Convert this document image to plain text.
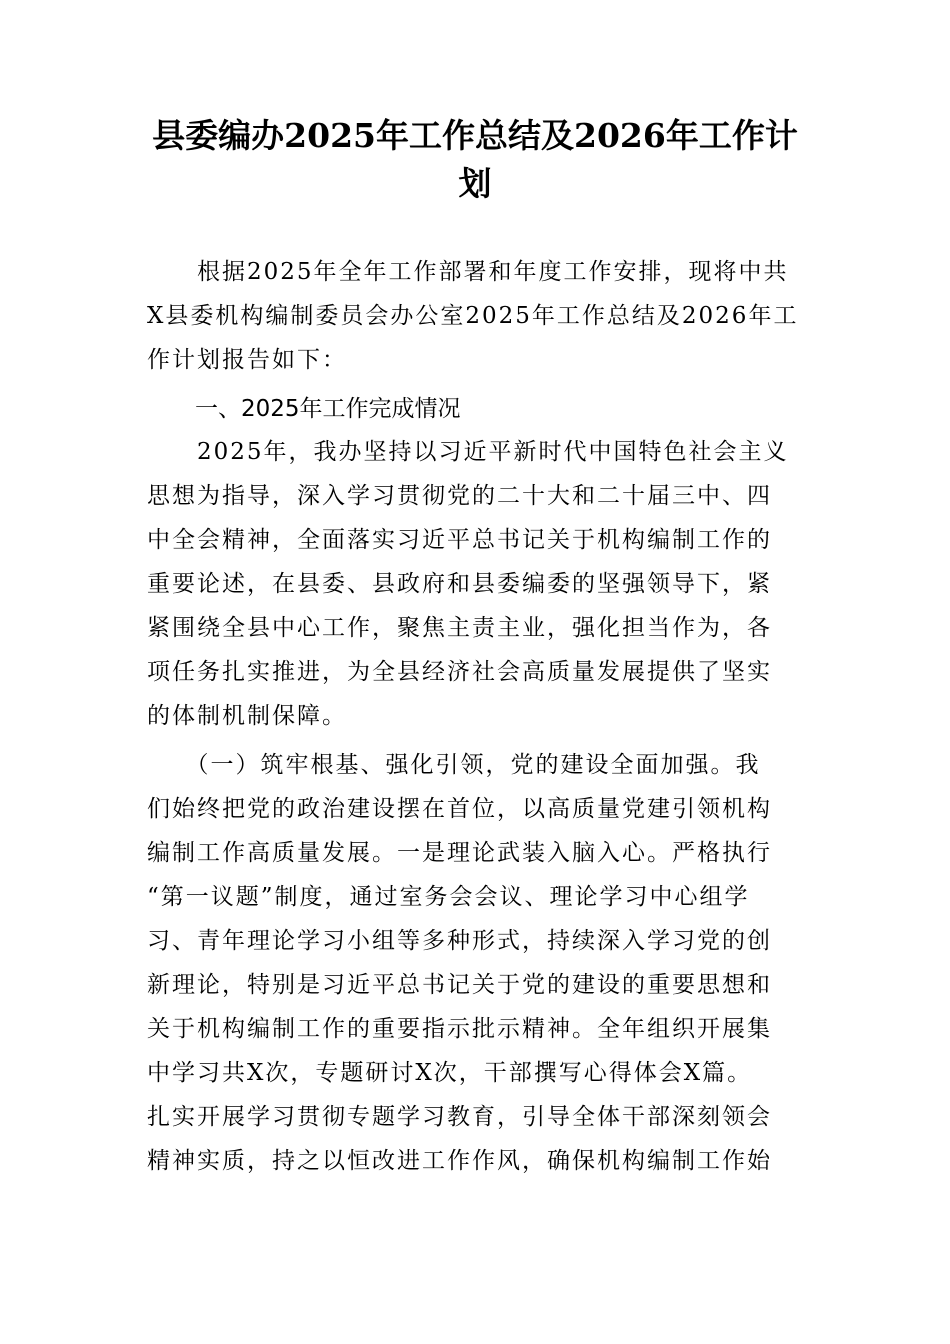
县委编办2025年工作总结及2026年工作计
划
　　根据2025年全年工作部署和年度工作安排，现将中共
X县委机构编制委员会办公室2025年工作总结及2026年工
作计划报告如下：
一、2025年工作完成情况
　　2025年，我办坚持以习近平新时代中国特色社会主义
思想为指导，深入学习贯彻党的二十大和二十届三中、四
中全会精神，全面落实习近平总书记关于机构编制工作的
重要论述，在县委、县政府和县委编委的坚强领导下，紧
紧围绕全县中心工作，聚焦主责主业，强化担当作为，各
项任务扎实推进，为全县经济社会高质量发展提供了坚实
的体制机制保障。
　　（一）筑牢根基、强化引领，党的建设全面加强。我
们始终把党的政治建设摆在首位，以高质量党建引领机构
编制工作高质量发展。一是理论武装入脑入心。严格执行
“第一议题”制度，通过室务会会议、理论学习中心组学
习、青年理论学习小组等多种形式，持续深入学习党的创
新理论，特别是习近平总书记关于党的建设的重要思想和
关于机构编制工作的重要指示批示精神。全年组织开展集
中学习共X次，专题研讨X次，干部撰写心得体会X篇。
扎实开展学习贯彻专题学习教育，引导全体干部深刻领会
精神实质，持之以恒改进工作作风，确保机构编制工作始
